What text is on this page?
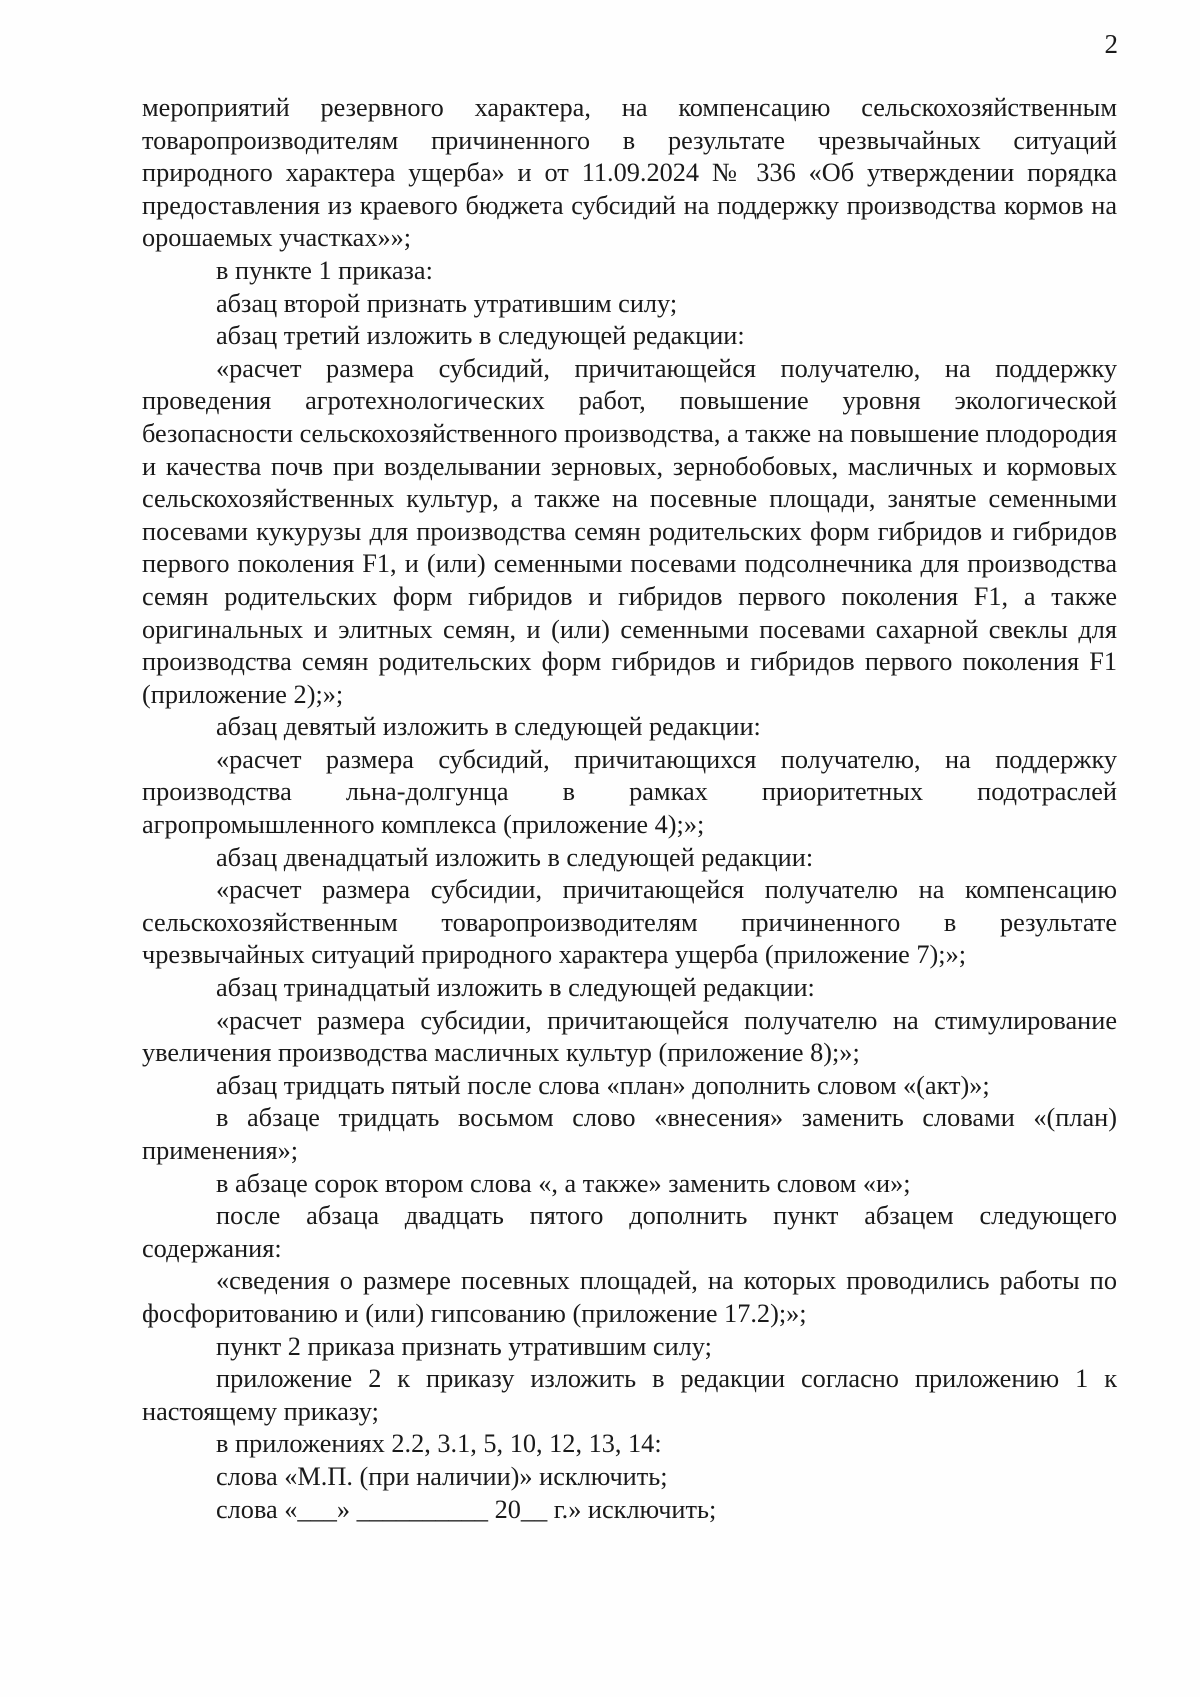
2

мероприятий резервного характера, на компенсацию сельскохозяйственным товаропроизводителям причиненного в результате чрезвычайных ситуаций природного характера ущерба» и от 11.09.2024 № 336 «Об утверждении порядка предоставления из краевого бюджета субсидий на поддержку производства кормов на орошаемых участках»»;

в пункте 1 приказа:

абзац второй признать утратившим силу;

абзац третий изложить в следующей редакции:

«расчет размера субсидий, причитающейся получателю, на поддержку проведения агротехнологических работ, повышение уровня экологической безопасности сельскохозяйственного производства, а также на повышение плодородия и качества почв при возделывании зерновых, зернобобовых, масличных и кормовых сельскохозяйственных культур, а также на посевные площади, занятые семенными посевами кукурузы для производства семян родительских форм гибридов и гибридов первого поколения F1, и (или) семенными посевами подсолнечника для производства семян родительских форм гибридов и гибридов первого поколения F1, а также оригинальных и элитных семян, и (или) семенными посевами сахарной свеклы для производства семян родительских форм гибридов и гибридов первого поколения F1 (приложение 2);»;

абзац девятый изложить в следующей редакции:

«расчет размера субсидий, причитающихся получателю, на поддержку производства льна-долгунца в рамках приоритетных подотраслей агропромышленного комплекса (приложение 4);»;

абзац двенадцатый изложить в следующей редакции:

«расчет размера субсидии, причитающейся получателю на компенсацию сельскохозяйственным товаропроизводителям причиненного в результате чрезвычайных ситуаций природного характера ущерба (приложение 7);»;

абзац тринадцатый изложить в следующей редакции:

«расчет размера субсидии, причитающейся получателю на стимулирование увеличения производства масличных культур (приложение 8);»;

абзац тридцать пятый после слова «план» дополнить словом «(акт)»;

в абзаце тридцать восьмом слово «внесения» заменить словами «(план) применения»;

в абзаце сорок втором слова «, а также» заменить словом «и»;

после абзаца двадцать пятого дополнить пункт абзацем следующего содержания:

«сведения о размере посевных площадей, на которых проводились работы по фосфоритованию и (или) гипсованию (приложение 17.2);»;

пункт 2 приказа признать утратившим силу;

приложение 2 к приказу изложить в редакции согласно приложению 1 к настоящему приказу;

в приложениях 2.2, 3.1, 5, 10, 12, 13, 14:

слова «М.П. (при наличии)» исключить;

слова «___» __________ 20__ г.» исключить;
